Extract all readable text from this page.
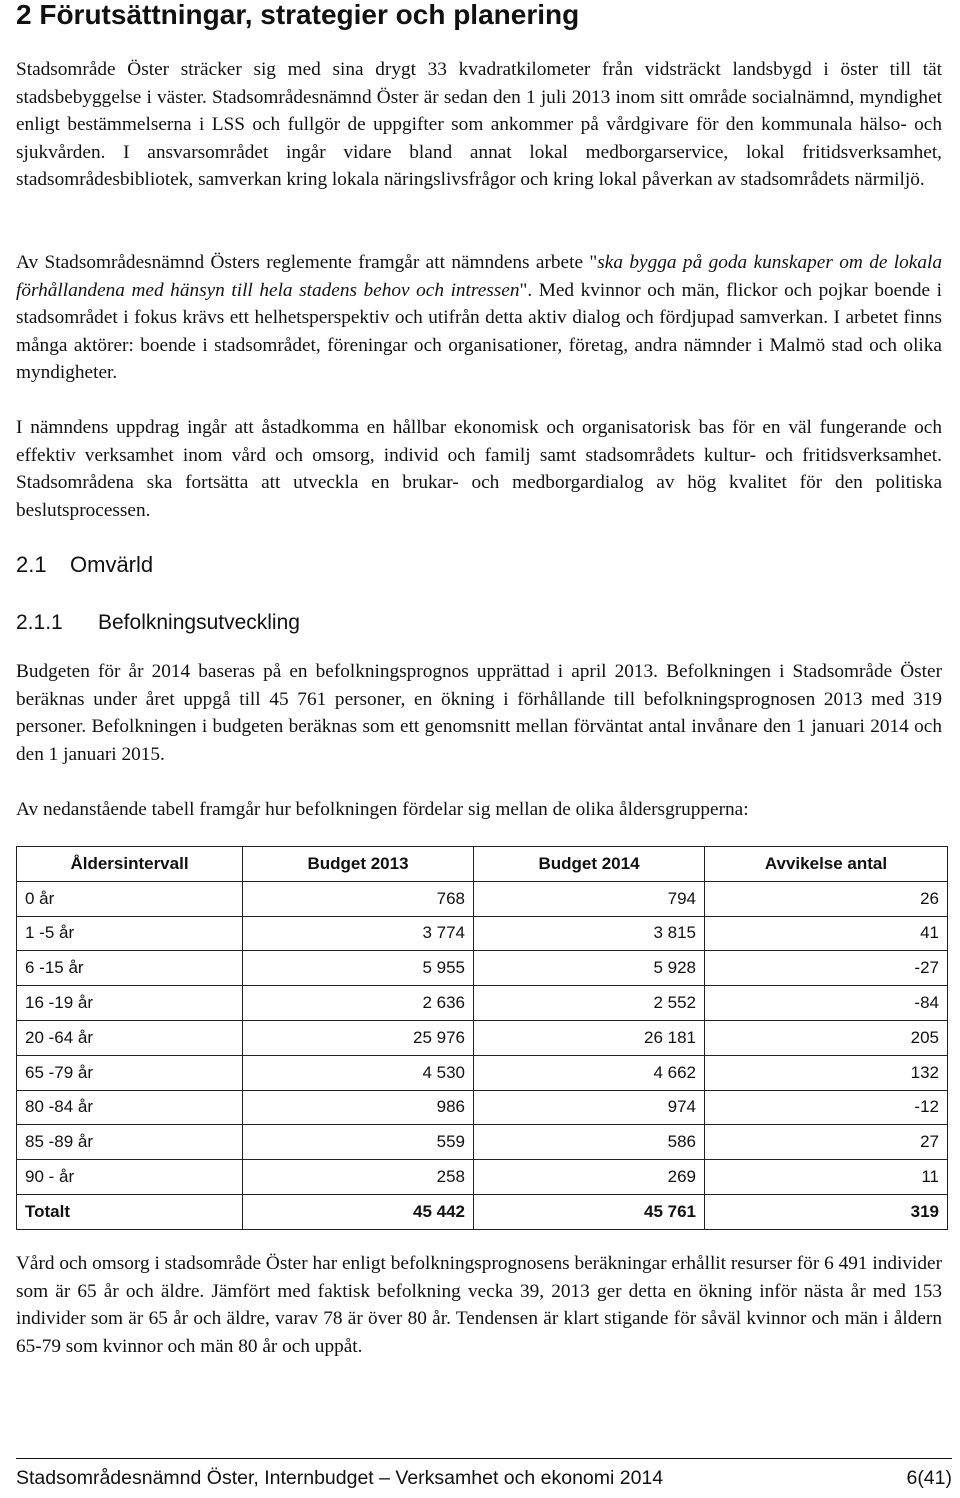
2 Förutsättningar, strategier och planering

Stadsområde Öster sträcker sig med sina drygt 33 kvadratkilometer från vidsträckt landsbygd i öster till tät stadsbebyggelse i väster. Stadsområdesnämnd Öster är sedan den 1 juli 2013 inom sitt område socialnämnd, myndighet enligt bestämmelserna i LSS och fullgör de uppgifter som ankommer på vårdgivare för den kommunala hälso- och sjukvården. I ansvarsområdet ingår vidare bland annat lokal medborgarservice, lokal fritidsverksamhet, stadsområdesbibliotek, samverkan kring lokala näringslivsfrågor och kring lokal påverkan av stadsområdets närmiljö.

Av Stadsområdesnämnd Östers reglemente framgår att nämndens arbete "ska bygga på goda kunskaper om de lokala förhållandena med hänsyn till hela stadens behov och intressen". Med kvinnor och män, flickor och pojkar boende i stadsområdet i fokus krävs ett helhetsperspektiv och utifrån detta aktiv dialog och fördjupad samverkan. I arbetet finns många aktörer: boende i stadsområdet, föreningar och organisationer, företag, andra nämnder i Malmö stad och olika myndigheter.

I nämndens uppdrag ingår att åstadkomma en hållbar ekonomisk och organisatorisk bas för en väl fungerande och effektiv verksamhet inom vård och omsorg, individ och familj samt stadsområdets kultur- och fritidsverksamhet. Stadsområdena ska fortsätta att utveckla en brukar- och medborgardialog av hög kvalitet för den politiska beslutsprocessen.

2.1 Omvärld
2.1.1 Befolkningsutveckling

Budgeten för år 2014 baseras på en befolkningsprognos upprättad i april 2013. Befolkningen i Stadsområde Öster beräknas under året uppgå till 45 761 personer, en ökning i förhållande till befolkningsprognosen 2013 med 319 personer. Befolkningen i budgeten beräknas som ett genomsnitt mellan förväntat antal invånare den 1 januari 2014 och den 1 januari 2015.

Av nedanstående tabell framgår hur befolkningen fördelar sig mellan de olika åldersgrupperna:

Åldersintervall	Budget 2013	Budget 2014	Avvikelse antal
0 år	768	794	26
1 -5 år	3 774	3 815	41
6 -15 år	5 955	5 928	-27
16 -19 år	2 636	2 552	-84
20 -64 år	25 976	26 181	205
65 -79 år	4 530	4 662	132
80 -84 år	986	974	-12
85 -89 år	559	586	27
90 - år	258	269	11
Totalt	45 442	45 761	319

Vård och omsorg i stadsområde Öster har enligt befolkningsprognosens beräkningar erhållit resurser för 6 491 individer som är 65 år och äldre. Jämfört med faktisk befolkning vecka 39, 2013 ger detta en ökning inför nästa år med 153 individer som är 65 år och äldre, varav 78 är över 80 år. Tendensen är klart stigande för såväl kvinnor och män i åldern 65-79 som kvinnor och män 80 år och uppåt.

Stadsområdesnämnd Öster, Internbudget – Verksamhet och ekonomi 2014	6(41)
